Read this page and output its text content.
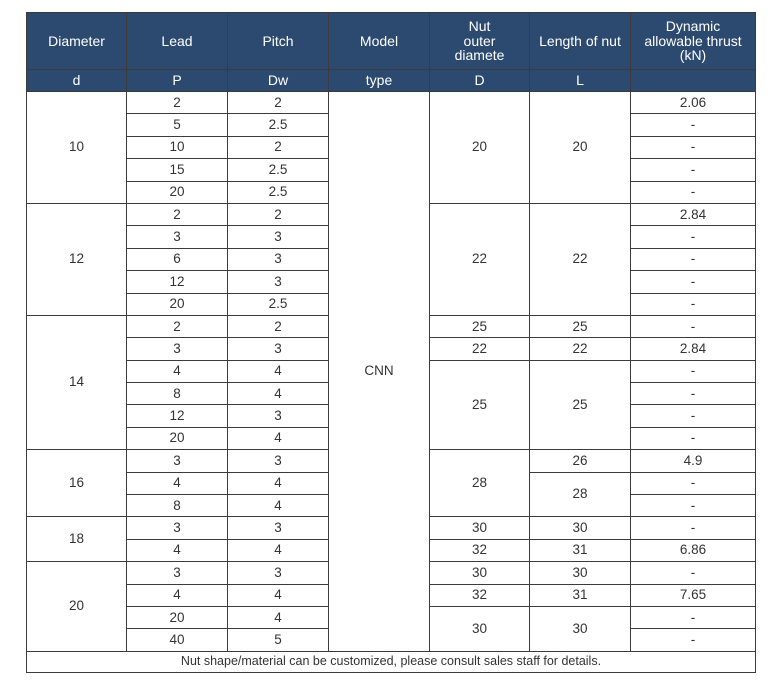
Diameter	Lead	Pitch	Model	Nut
outer
diamete	Length of nut	Dynamic
allowable thrust
(kN)

d	P	Dw	type	D	L	
10	2	2	CNN	20	20	2.06
	5	2.5				-
	10	2				-
	15	2.5				-
	20	2.5				-
12	2	2		22	22	2.84
	3	3				-
	6	3				-
	12	3				-
	20	2.5				-
14	2	2		25	25	-
	3	3		22	22	2.84
	4	4		25	25	-
	8	4				-
	12	3				-
	20	4				-
16	3	3		28	26	4.9
	4	4			28	-
	8	4				-
18	3	3		30	30	-
	4	4		32	31	6.86
20	3	3		30	30	-
	4	4		32	31	7.65
	20	4		30	30	-
	40	5				-
Nut shape/material can be customized, please consult sales staff for details.						
